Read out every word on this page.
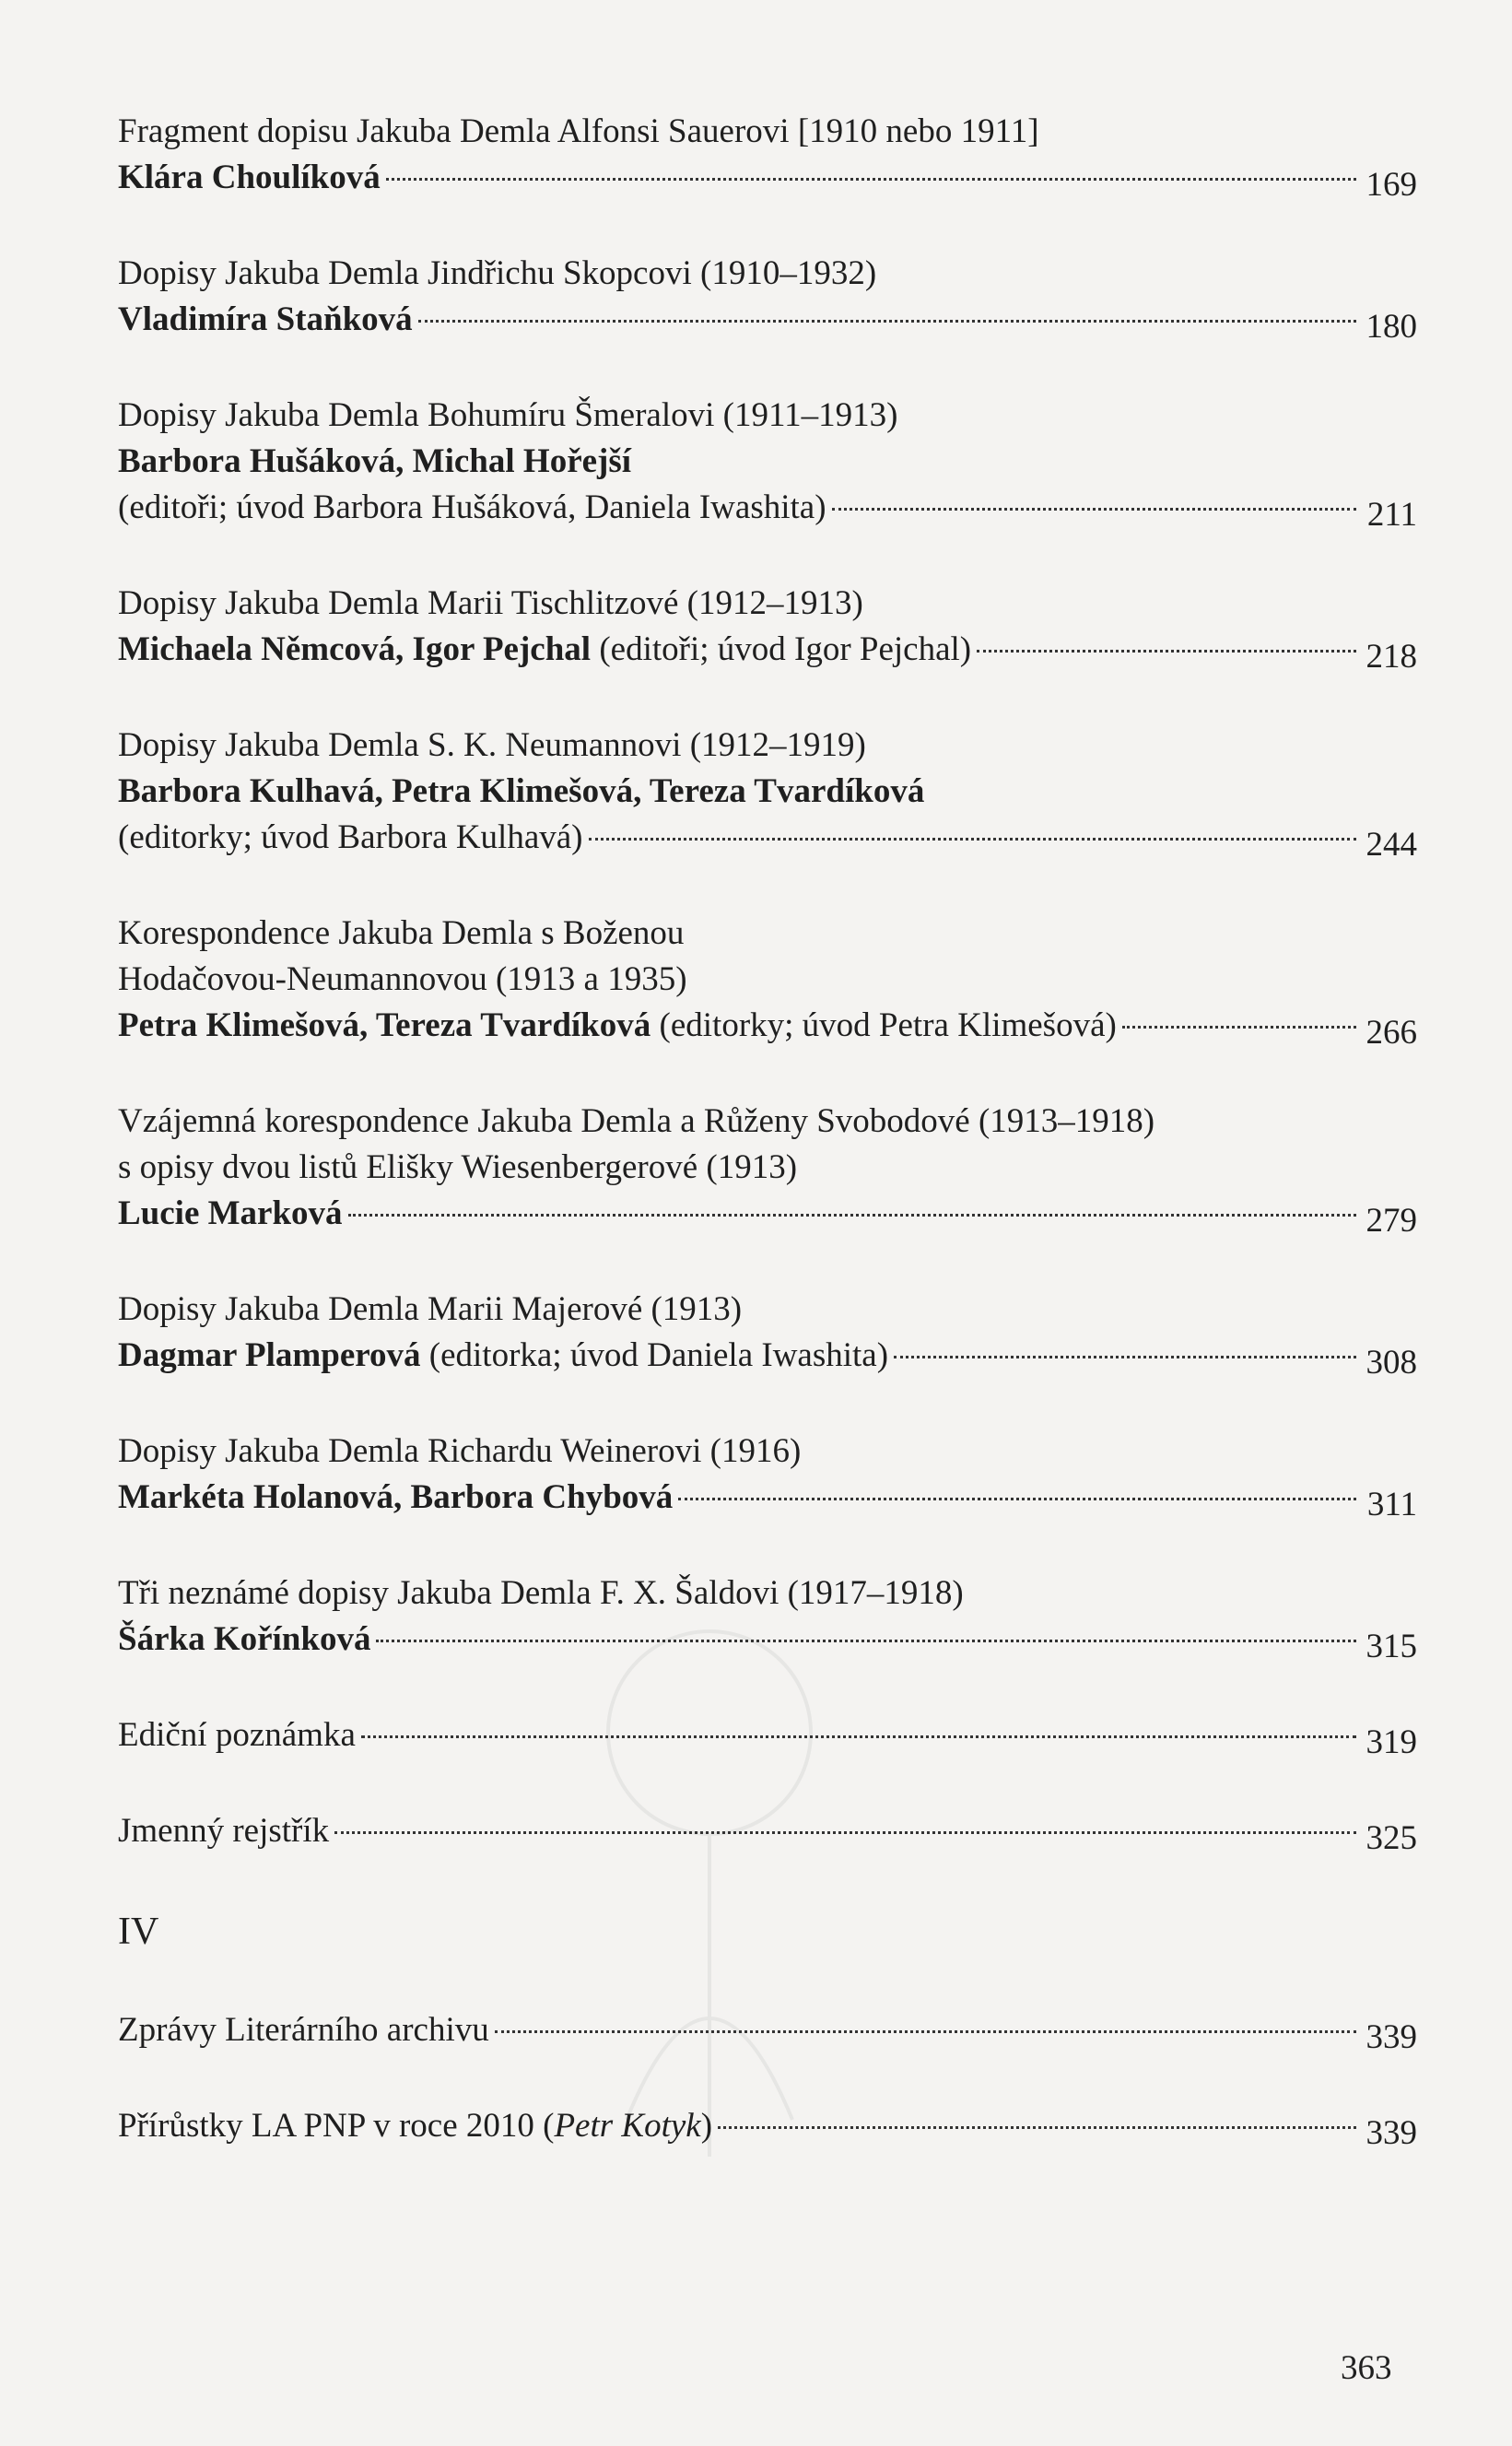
Fragment dopisu Jakuba Demla Alfonsi Sauerovi [1910 nebo 1911]
Klára Choulíková	169
Dopisy Jakuba Demla Jindřichu Skopcovi (1910–1932)
Vladimíra Staňková	180
Dopisy Jakuba Demla Bohumíru Šmeralovi (1911–1913)
Barbora Hušáková, Michal Hořejší
(editoři; úvod Barbora Hušáková, Daniela Iwashita)	211
Dopisy Jakuba Demla Marii Tischlitzové (1912–1913)
Michaela Němcová, Igor Pejchal (editoři; úvod Igor Pejchal)	218
Dopisy Jakuba Demla S. K. Neumannovi (1912–1919)
Barbora Kulhavá, Petra Klimešová, Tereza Tvardíková
(editorky; úvod Barbora Kulhavá)	244
Korespondence Jakuba Demla s Boženou
Hodačovou-Neumannovou (1913 a 1935)
Petra Klimešová, Tereza Tvardíková (editorky; úvod Petra Klimešová)	266
Vzájemná korespondence Jakuba Demla a Růženy Svobodové (1913–1918)
s opisy dvou listů Elišky Wiesenbergerové (1913)
Lucie Marková	279
Dopisy Jakuba Demla Marii Majerové (1913)
Dagmar Plamperová (editorka; úvod Daniela Iwashita)	308
Dopisy Jakuba Demla Richardu Weinerovi (1916)
Markéta Holanová, Barbora Chybová	311
Tři neznámé dopisy Jakuba Demla F. X. Šaldovi (1917–1918)
Šárka Kořínková	315
Ediční poznámka	319
Jmenný rejstřík	325
IV
Zprávy Literárního archivu	339
Přírůstky LA PNP v roce 2010 (Petr Kotyk)	339
363
